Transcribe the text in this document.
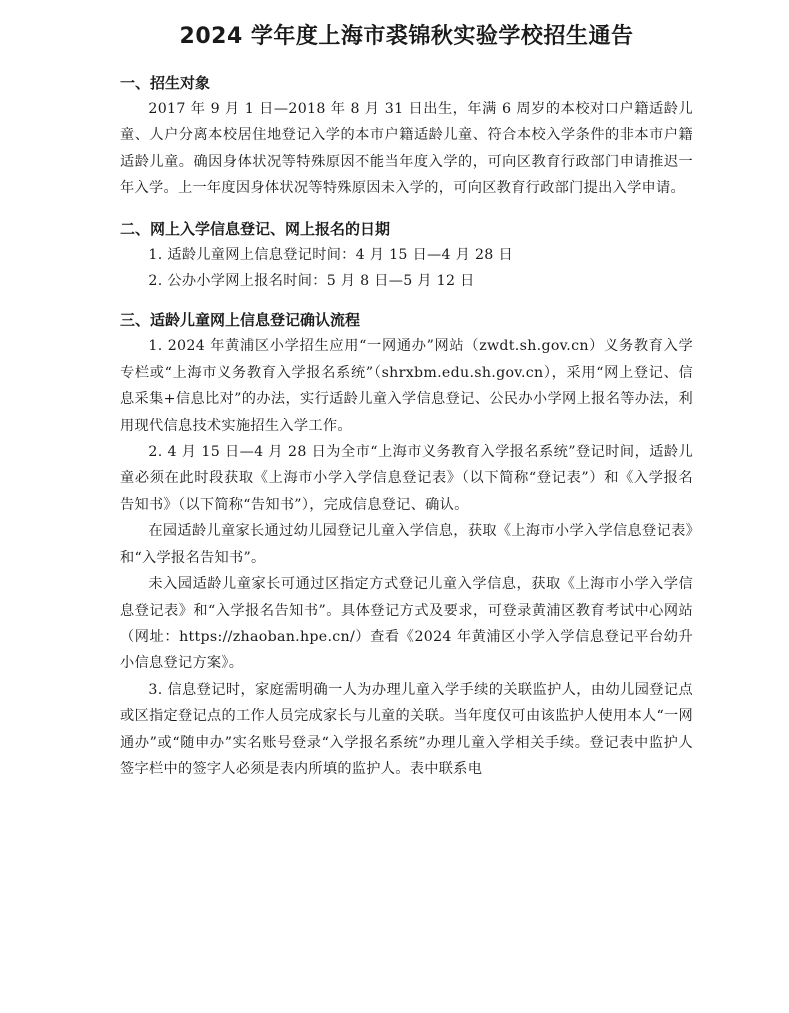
2024 学年度上海市裘锦秋实验学校招生通告
一、招生对象

2017 年 9 月 1 日—2018 年 8 月 31 日出生，年满 6 周岁的本校对口户籍适龄儿童、人户分离本校居住地登记入学的本市户籍适龄儿童、符合本校入学条件的非本市户籍适龄儿童。确因身体状况等特殊原因不能当年度入学的，可向区教育行政部门申请推迟一年入学。上一年度因身体状况等特殊原因未入学的，可向区教育行政部门提出入学申请。

二、网上入学信息登记、网上报名的日期
1. 适龄儿童网上信息登记时间：4 月 15 日—4 月 28 日
2. 公办小学网上报名时间：5 月 8 日—5 月 12 日
三、适龄儿童网上信息登记确认流程

1. 2024 年黄浦区小学招生应用“一网通办”网站（zwdt.sh.gov.cn）义务教育入学专栏或“上海市义务教育入学报名系统”（shrxbm.edu.sh.gov.cn），采用“网上登记、信息采集+信息比对”的办法，实行适龄儿童入学信息登记、公民办小学网上报名等办法，利用现代信息技术实施招生入学工作。

2. 4 月 15 日—4 月 28 日为全市“上海市义务教育入学报名系统”登记时间，适龄儿童必须在此时段获取《上海市小学入学信息登记表》（以下简称“登记表”）和《入学报名告知书》（以下简称“告知书”），完成信息登记、确认。

在园适龄儿童家长通过幼儿园登记儿童入学信息，获取《上海市小学入学信息登记表》和“入学报名告知书”。

未入园适龄儿童家长可通过区指定方式登记儿童入学信息，获取《上海市小学入学信息登记表》和“入学报名告知书”。具体登记方式及要求，可登录黄浦区教育考试中心网站（网址：https://zhaoban.hpe.cn/）查看《2024 年黄浦区小学入学信息登记平台幼升小信息登记方案》。

3. 信息登记时，家庭需明确一人为办理儿童入学手续的关联监护人，由幼儿园登记点或区指定登记点的工作人员完成家长与儿童的关联。当年度仅可由该监护人使用本人“一网通办”或“随申办”实名账号登录“入学报名系统”办理儿童入学相关手续。登记表中监护人签字栏中的签字人必须是表内所填的监护人。表中联系电
